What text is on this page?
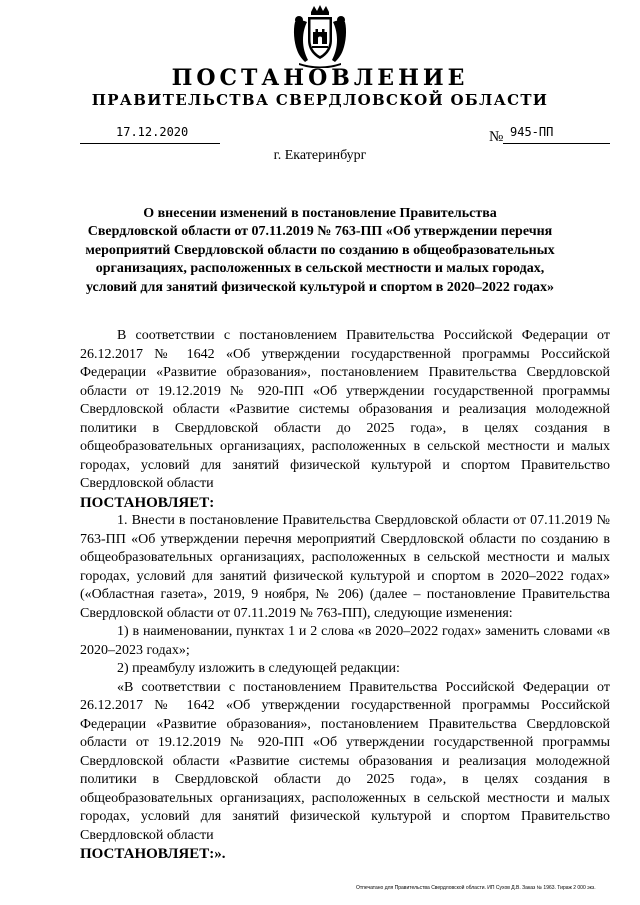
ПОСТАНОВЛЕНИЕ
ПРАВИТЕЛЬСТВА СВЕРДЛОВСКОЙ ОБЛАСТИ
17.12.2020	№ 945-ПП
г. Екатеринбург
О внесении изменений в постановление Правительства
Свердловской области от 07.11.2019 № 763-ПП «Об утверждении перечня
мероприятий Свердловской области по созданию в общеобразовательных
организациях, расположенных в сельской местности и малых городах,
условий для занятий физической культурой и спортом в 2020–2022 годах»

В соответствии с постановлением Правительства Российской Федерации от 26.12.2017 № 1642 «Об утверждении государственной программы Российской Федерации «Развитие образования», постановлением Правительства Свердловской области от 19.12.2019 № 920-ПП «Об утверждении государственной программы Свердловской области «Развитие системы образования и реализация молодежной политики в Свердловской области до 2025 года», в целях создания в общеобразовательных организациях, расположенных в сельской местности и малых городах, условий для занятий физической культурой и спортом Правительство Свердловской области

ПОСТАНОВЛЯЕТ:

1. Внести в постановление Правительства Свердловской области от 07.11.2019 № 763-ПП «Об утверждении перечня мероприятий Свердловской области по созданию в общеобразовательных организациях, расположенных в сельской местности и малых городах, условий для занятий физической культурой и спортом в 2020–2022 годах» («Областная газета», 2019, 9 ноября, № 206) (далее – постановление Правительства Свердловской области от 07.11.2019 № 763-ПП), следующие изменения:

1) в наименовании, пунктах 1 и 2 слова «в 2020–2022 годах» заменить словами «в 2020–2023 годах»;

2) преамбулу изложить в следующей редакции:

«В соответствии с постановлением Правительства Российской Федерации от 26.12.2017 № 1642 «Об утверждении государственной программы Российской Федерации «Развитие образования», постановлением Правительства Свердловской области от 19.12.2019 № 920-ПП «Об утверждении государственной программы Свердловской области «Развитие системы образования и реализация молодежной политики в Свердловской области до 2025 года», в целях создания в общеобразовательных организациях, расположенных в сельской местности и малых городах, условий для занятий физической культурой и спортом Правительство Свердловской области

ПОСТАНОВЛЯЕТ:».

Отпечатано для Правительства Свердловской области. ИП Сухов Д.В. Заказ № 1963. Тираж 2 000 экз.
